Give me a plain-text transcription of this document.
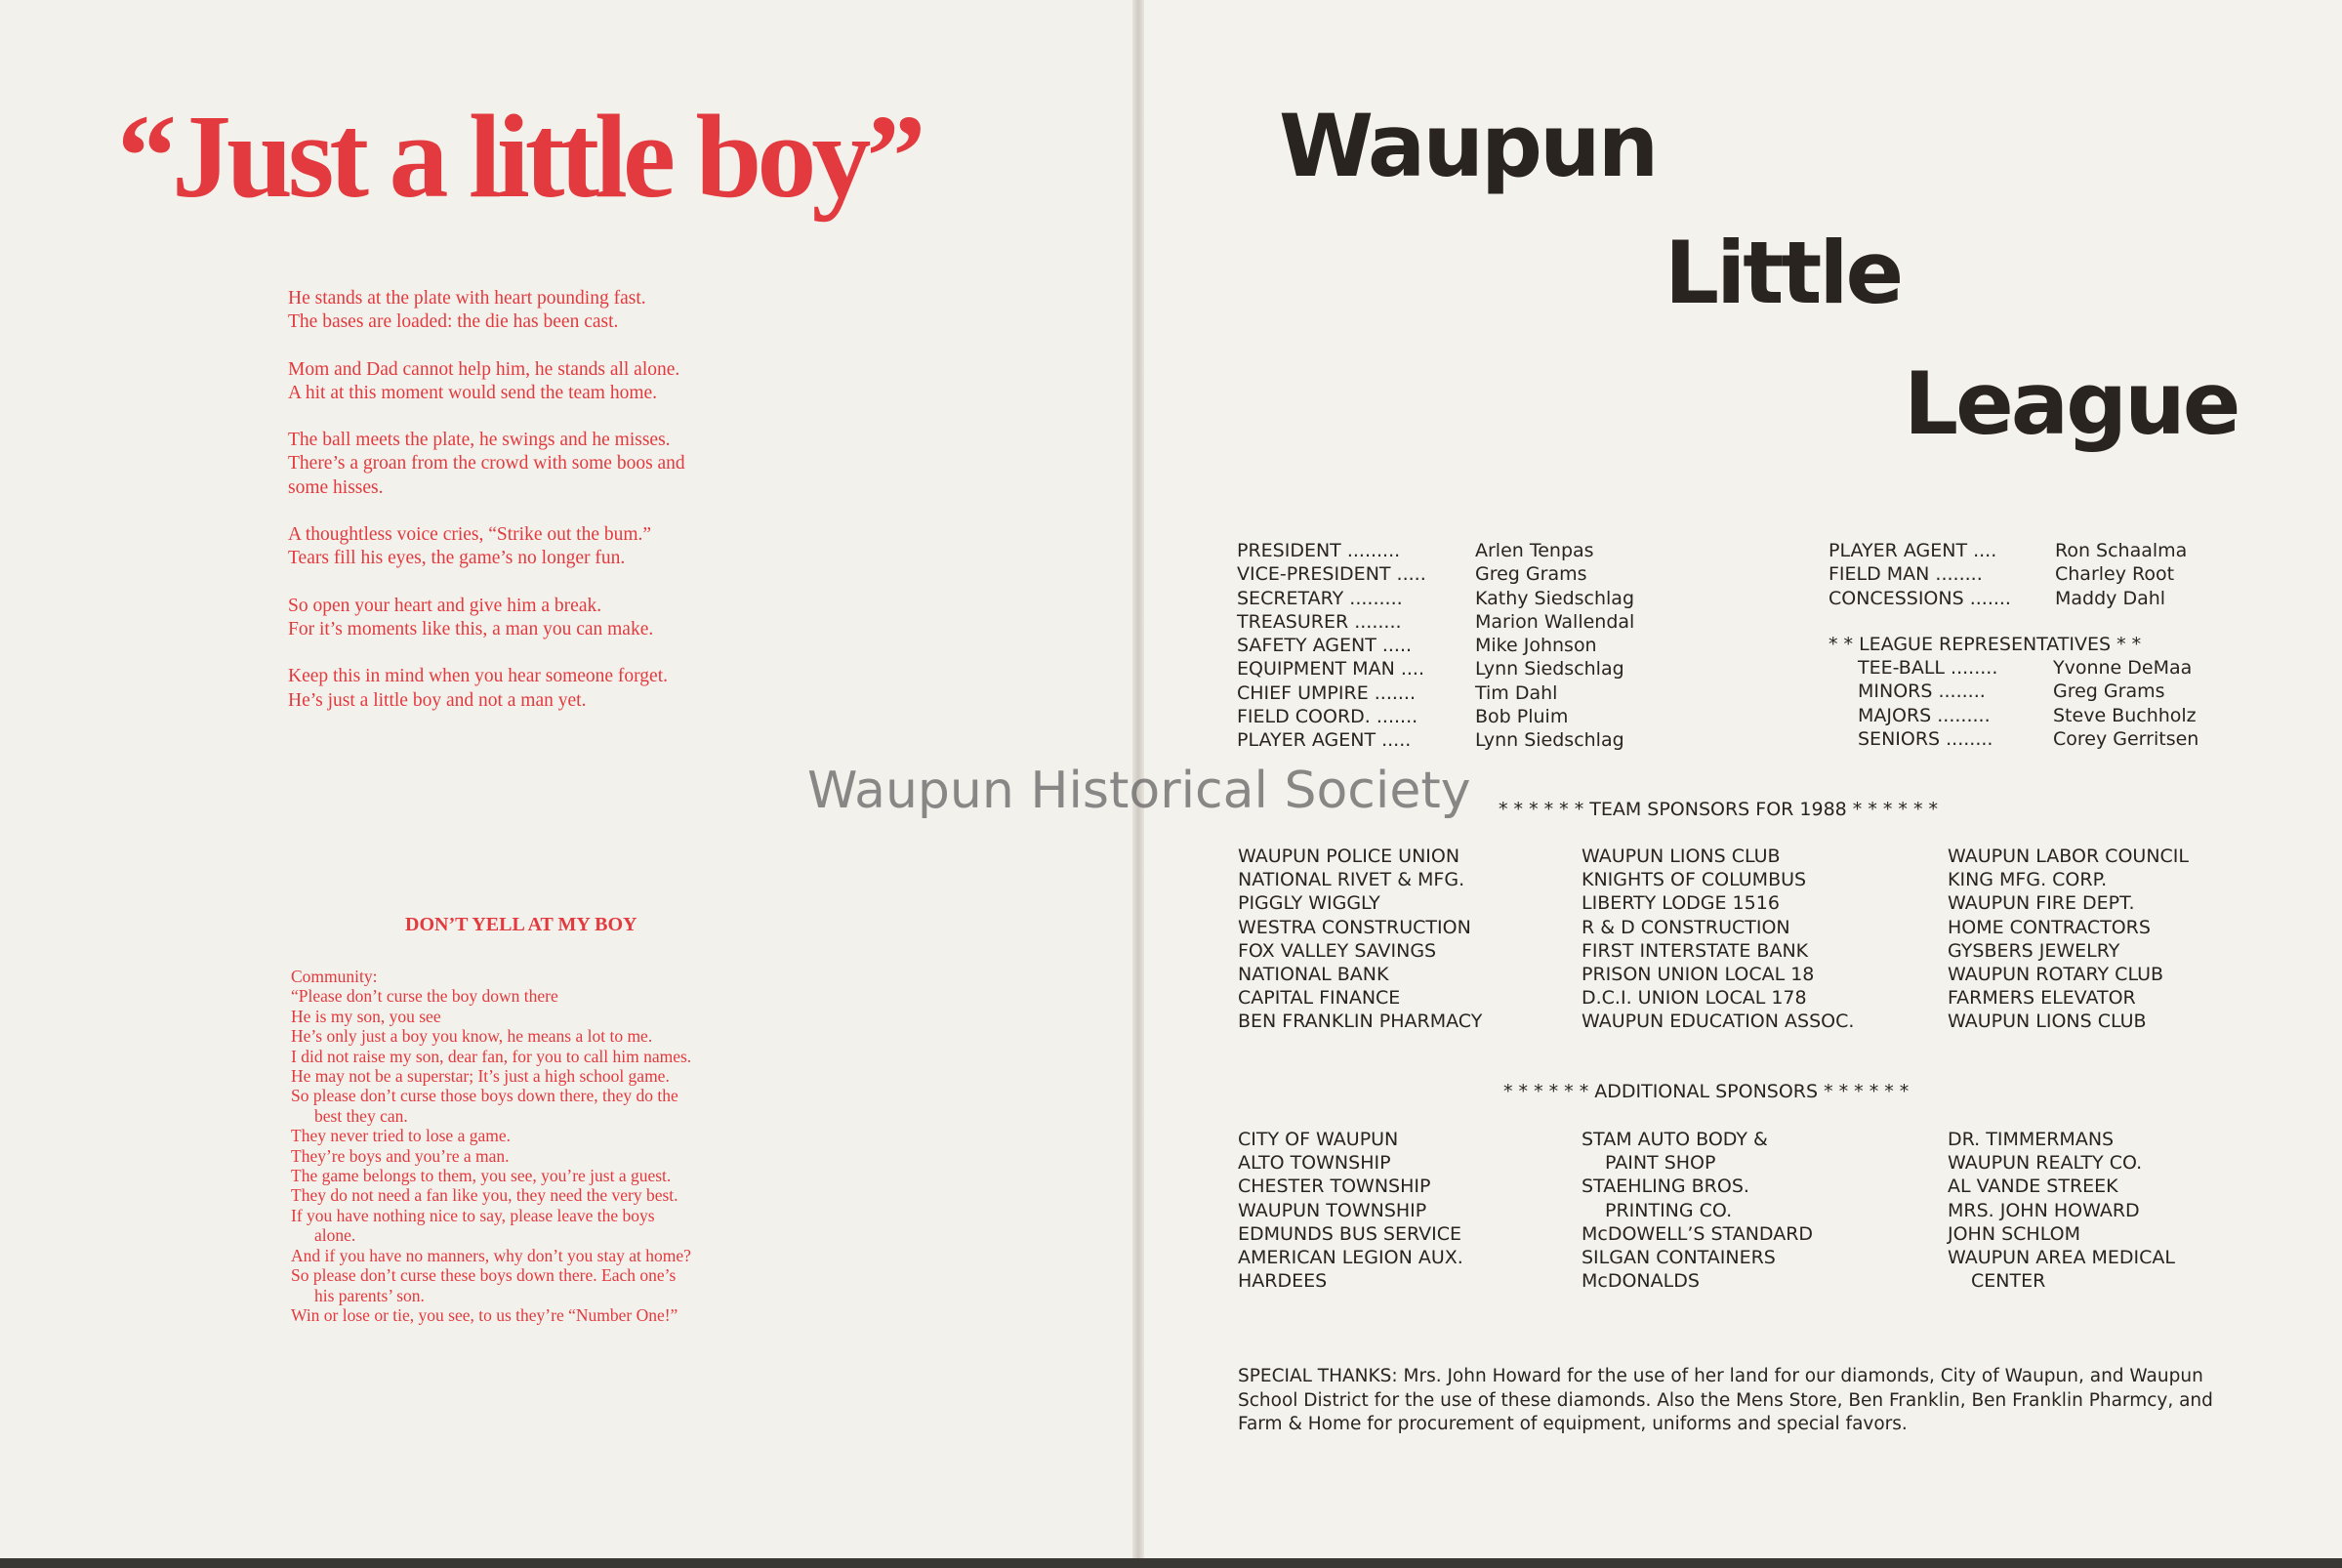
“Just a little boy”
He stands at the plate with heart pounding fast.
The bases are loaded: the die has been cast.
Mom and Dad cannot help him, he stands all alone.
A hit at this moment would send the team home.
The ball meets the plate, he swings and he misses.
There’s a groan from the crowd with some boos and
some hisses.
A thoughtless voice cries, “Strike out the bum.”
Tears fill his eyes, the game’s no longer fun.
So open your heart and give him a break.
For it’s moments like this, a man you can make.
Keep this in mind when you hear someone forget.
He’s just a little boy and not a man yet.
DON’T YELL AT MY BOY
Community:
“Please don’t curse the boy down there
He is my son, you see
He’s only just a boy you know, he means a lot to me.
I did not raise my son, dear fan, for you to call him names.
He may not be a superstar; It’s just a high school game.
So please don’t curse those boys down there, they do the
best they can.
They never tried to lose a game.
They’re boys and you’re a man.
The game belongs to them, you see, you’re just a guest.
They do not need a fan like you, they need the very best.
If you have nothing nice to say, please leave the boys
alone.
And if you have no manners, why don’t you stay at home?
So please don’t curse these boys down there. Each one’s
his parents’ son.
Win or lose or tie, you see, to us they’re “Number One!”
Waupun
Little
League
PRESIDENT .........	Arlen Tenpas
VICE-PRESIDENT .....	Greg Grams
SECRETARY .........	Kathy Siedschlag
TREASURER ........	Marion Wallendal
SAFETY AGENT .....	Mike Johnson
EQUIPMENT MAN ....	Lynn Siedschlag
CHIEF UMPIRE .......	Tim Dahl
FIELD COORD. .......	Bob Pluim
PLAYER AGENT .....	Lynn Siedschlag
PLAYER AGENT ....	Ron Schaalma
FIELD MAN ........	Charley Root
CONCESSIONS ....... Maddy Dahl
* * LEAGUE REPRESENTATIVES * *
TEE-BALL ........	Yvonne DeMaa
MINORS ........	Greg Grams
MAJORS .........	Steve Buchholz
SENIORS ........	Corey Gerritsen
* * * * * * TEAM SPONSORS FOR 1988 * * * * * *
WAUPUN POLICE UNION
NATIONAL RIVET & MFG.
PIGGLY WIGGLY
WESTRA CONSTRUCTION
FOX VALLEY SAVINGS
NATIONAL BANK
CAPITAL FINANCE
BEN FRANKLIN PHARMACY
WAUPUN LIONS CLUB
KNIGHTS OF COLUMBUS
LIBERTY LODGE 1516
R & D CONSTRUCTION
FIRST INTERSTATE BANK
PRISON UNION LOCAL 18
D.C.I. UNION LOCAL 178
WAUPUN EDUCATION ASSOC.
WAUPUN LABOR COUNCIL
KING MFG. CORP.
WAUPUN FIRE DEPT.
HOME CONTRACTORS
GYSBERS JEWELRY
WAUPUN ROTARY CLUB
FARMERS ELEVATOR
WAUPUN LIONS CLUB
* * * * * * ADDITIONAL SPONSORS * * * * * *
CITY OF WAUPUN
ALTO TOWNSHIP
CHESTER TOWNSHIP
WAUPUN TOWNSHIP
EDMUNDS BUS SERVICE
AMERICAN LEGION AUX.
HARDEES
STAM AUTO BODY &
PAINT SHOP
STAEHLING BROS.
PRINTING CO.
McDOWELL’S STANDARD
SILGAN CONTAINERS
McDONALDS
DR. TIMMERMANS
WAUPUN REALTY CO.
AL VANDE STREEK
MRS. JOHN HOWARD
JOHN SCHLOM
WAUPUN AREA MEDICAL
CENTER

SPECIAL THANKS: Mrs. John Howard for the use of her land for our diamonds, City of Waupun, and Waupun School District for the use of these diamonds. Also the Mens Store, Ben Franklin, Ben Franklin Pharmcy, and Farm & Home for procurement of equipment, uniforms and special favors.

Waupun Historical Society
